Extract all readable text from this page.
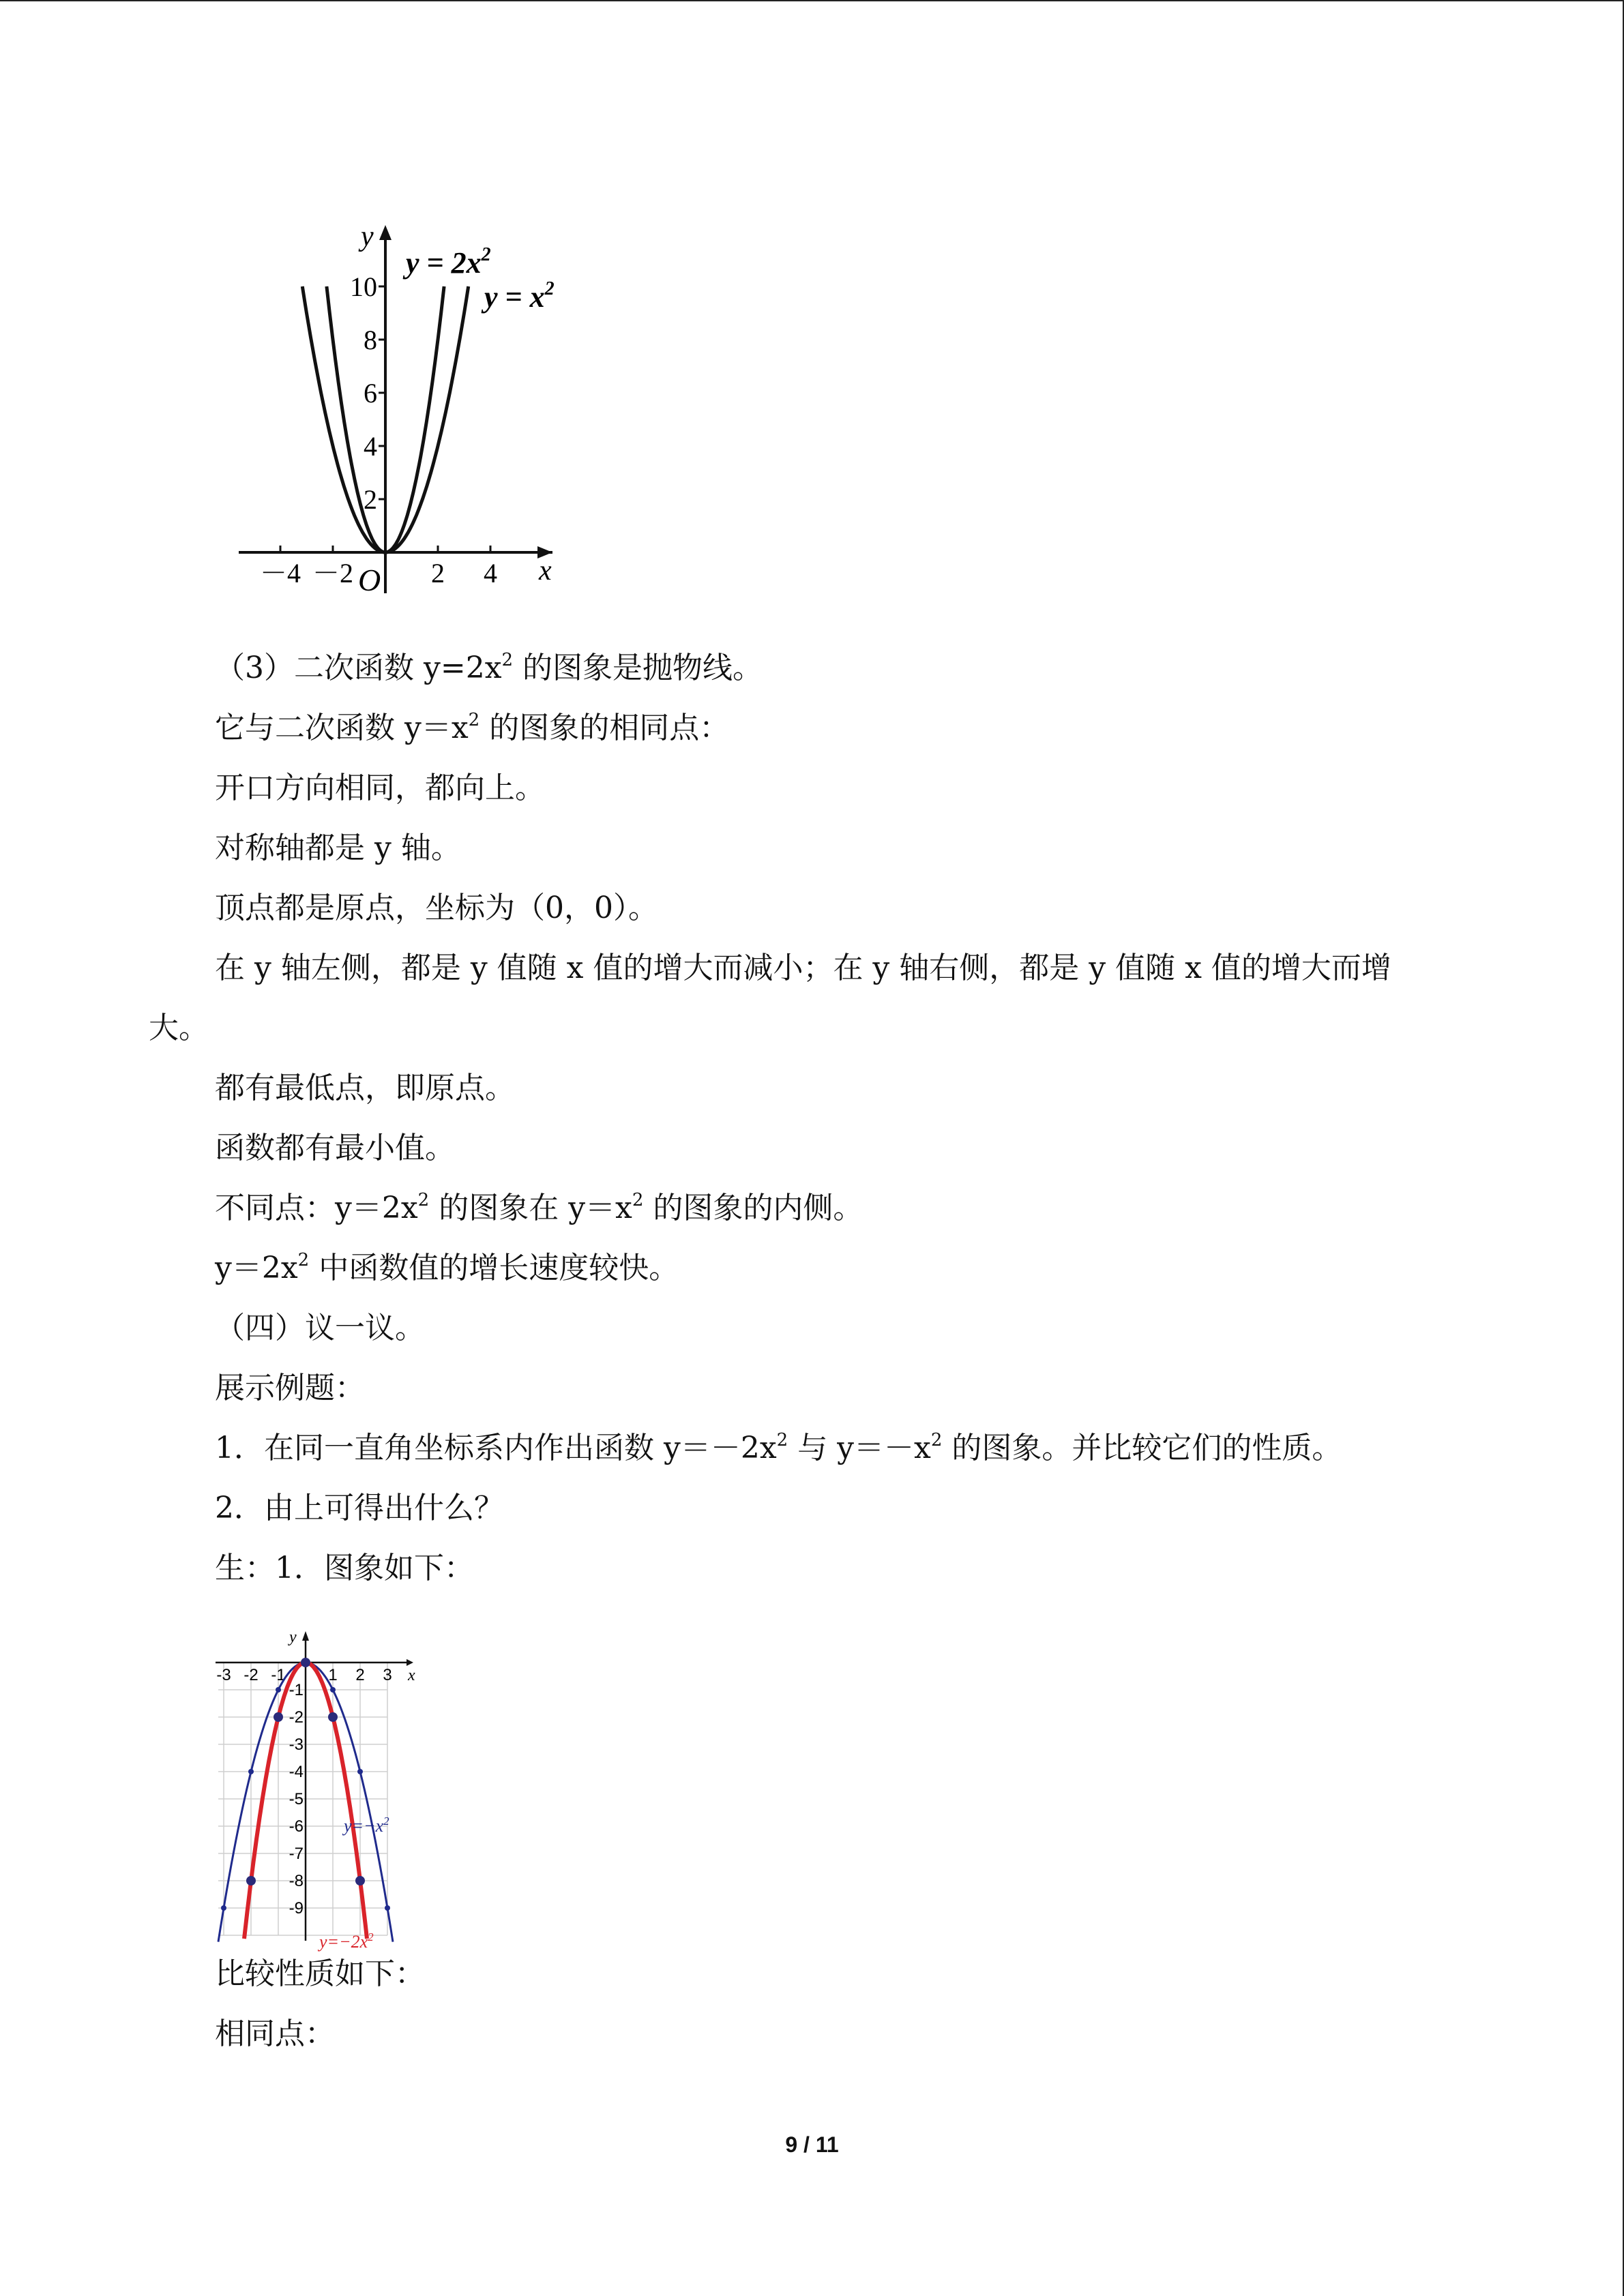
－4 －2	2 4
2
4
6
8
10
O	x
y
$y = 2x^2$
$y = x^2$
-3 -2 -1	1 2 3
-1
-2
-3
-4
-5
-6
-7
-8
-9
x
y
$y=-x^2$
$y=-2x^2$
9 / 11
（3）二次函数 $y=2x^2$ 的图象是抛物线。
它与二次函数 $y=x^2$ 的图象的相同点：
开口方向相同，都向上。
对称轴都是 y 轴。
顶点都是原点，坐标为（0，0）。
在 y 轴左侧，都是 y 值随 x 值的增大而减小；在 y 轴右侧，都是 y 值随 x 值的增大而增
大。
都有最低点，即原点。
函数都有最小值。
不同点：$y=2x^2$ 的图象在 $y=x^2$ 的图象的内侧。
$y=2x^2$ 中函数值的增长速度较快。
（四）议一议。
展示例题：
1．在同一直角坐标系内作出函数 $y=-2x^2$ 与 $y=-x^2$ 的图象。并比较它们的性质。
2．由上可得出什么？
生：1．图象如下：
比较性质如下：
相同点：
